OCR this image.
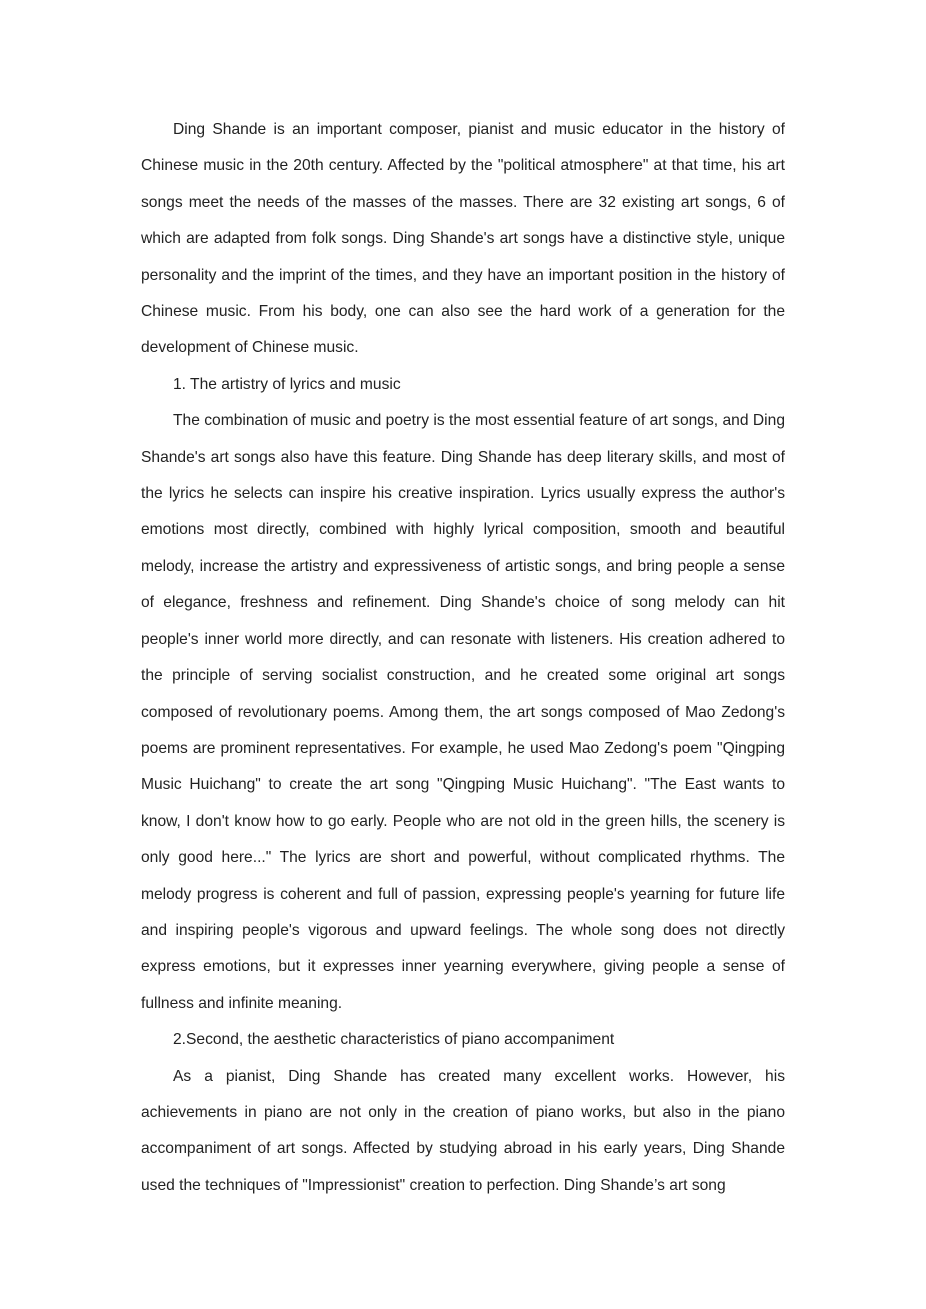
Ding Shande is an important composer, pianist and music educator in the history of Chinese music in the 20th century. Affected by the "political atmosphere" at that time, his art songs meet the needs of the masses of the masses. There are 32 existing art songs, 6 of which are adapted from folk songs. Ding Shande's art songs have a distinctive style, unique personality and the imprint of the times, and they have an important position in the history of Chinese music. From his body, one can also see the hard work of a generation for the development of Chinese music.

1. The artistry of lyrics and music

The combination of music and poetry is the most essential feature of art songs, and Ding Shande's art songs also have this feature. Ding Shande has deep literary skills, and most of the lyrics he selects can inspire his creative inspiration. Lyrics usually express the author's emotions most directly, combined with highly lyrical composition, smooth and beautiful melody, increase the artistry and expressiveness of artistic songs, and bring people a sense of elegance, freshness and refinement. Ding Shande's choice of song melody can hit people's inner world more directly, and can resonate with listeners. His creation adhered to the principle of serving socialist construction, and he created some original art songs composed of revolutionary poems. Among them, the art songs composed of Mao Zedong's poems are prominent representatives. For example, he used Mao Zedong's poem "Qingping Music Huichang" to create the art song "Qingping Music Huichang". "The East wants to know, I don't know how to go early. People who are not old in the green hills, the scenery is only good here..." The lyrics are short and powerful, without complicated rhythms. The melody progress is coherent and full of passion, expressing people's yearning for future life and inspiring people's vigorous and upward feelings. The whole song does not directly express emotions, but it expresses inner yearning everywhere, giving people a sense of fullness and infinite meaning.

2.Second, the aesthetic characteristics of piano accompaniment

As a pianist, Ding Shande has created many excellent works. However, his achievements in piano are not only in the creation of piano works, but also in the piano accompaniment of art songs. Affected by studying abroad in his early years, Ding Shande used the techniques of "Impressionist" creation to perfection. Ding Shande’s art song
